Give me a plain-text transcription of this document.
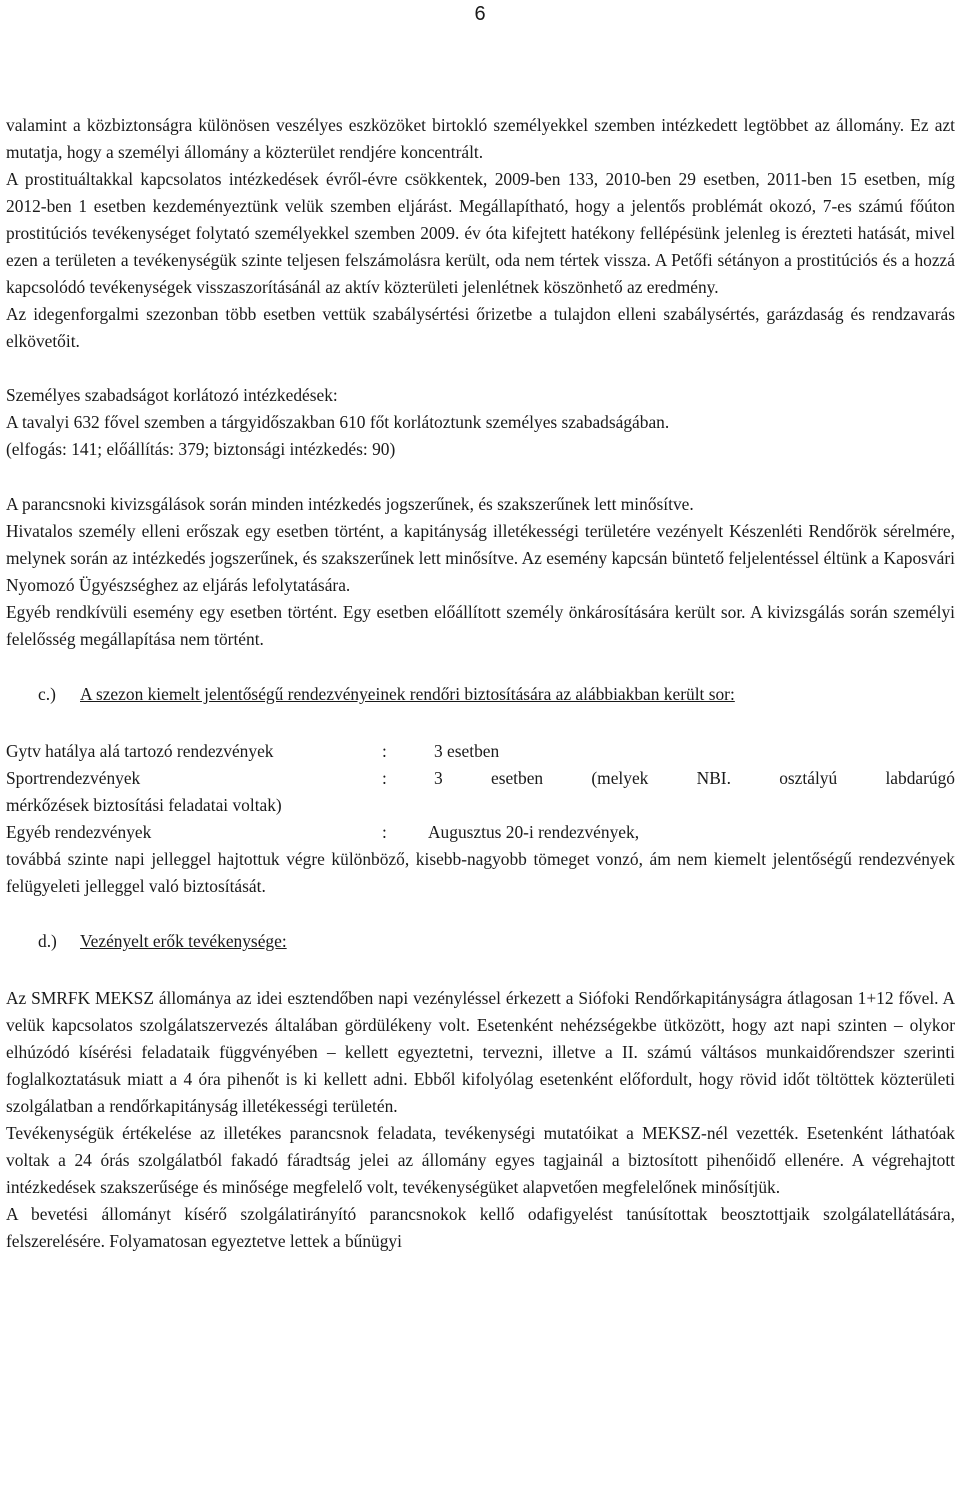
6

valamint a közbiztonságra különösen veszélyes eszközöket birtokló személyekkel szemben intézkedett legtöbbet az állomány. Ez azt mutatja, hogy a személyi állomány a közterület rendjére koncentrált.

A prostituáltakkal kapcsolatos intézkedések évről-évre csökkentek, 2009-ben 133, 2010-ben 29 esetben, 2011-ben 15 esetben, míg 2012-ben 1 esetben kezdeményeztünk velük szemben eljárást. Megállapítható, hogy a jelentős problémát okozó, 7-es számú főúton prostitúciós tevékenységet folytató személyekkel szemben 2009. év óta kifejtett hatékony fellépésünk jelenleg is érezteti hatását, mivel ezen a területen a tevékenységük szinte teljesen felszámolásra került, oda nem tértek vissza. A Petőfi sétányon a prostitúciós és a hozzá kapcsolódó tevékenységek visszaszorításánál az aktív közterületi jelenlétnek köszönhető az eredmény.

Az idegenforgalmi szezonban több esetben vettük szabálysértési őrizetbe a tulajdon elleni szabálysértés, garázdaság és rendzavarás elkövetőit.

Személyes szabadságot korlátozó intézkedések:

A tavalyi 632 fővel szemben a tárgyidőszakban 610 főt korlátoztunk személyes szabadságában.

(elfogás: 141; előállítás: 379; biztonsági intézkedés: 90)

A parancsnoki kivizsgálások során minden intézkedés jogszerűnek, és szakszerűnek lett minősítve.

Hivatalos személy elleni erőszak egy esetben történt, a kapitányság illetékességi területére vezényelt Készenléti Rendőrök sérelmére, melynek során az intézkedés jogszerűnek, és szakszerűnek lett minősítve. Az esemény kapcsán büntető feljelentéssel éltünk a Kaposvári Nyomozó Ügyészséghez az eljárás lefolytatására.

Egyéb rendkívüli esemény egy esetben történt. Egy esetben előállított személy önkárosítására került sor. A kivizsgálás során személyi felelősség megállapítása nem történt.

c.)	A szezon kiemelt jelentőségű rendezvényeinek rendőri biztosítására az alábbiakban került sor:
Gytv hatálya alá tartozó rendezvények	:	3 esetben
Sportrendezvények	:	3 esetben (melyek NBI. osztályú labdarúgó

mérkőzések biztosítási feladatai voltak)

Egyéb rendezvények	:	Augusztus 20-i rendezvények,

továbbá szinte napi jelleggel hajtottuk végre különböző, kisebb-nagyobb tömeget vonzó, ám nem kiemelt jelentőségű rendezvények felügyeleti jelleggel való biztosítását.

d.)	Vezényelt erők tevékenysége:

Az SMRFK MEKSZ állománya az idei esztendőben napi vezényléssel érkezett a Siófoki Rendőrkapitányságra átlagosan 1+12 fővel. A velük kapcsolatos szolgálatszervezés általában gördülékeny volt. Esetenként nehézségekbe ütközött, hogy azt napi szinten – olykor elhúzódó kísérési feladataik függvényében – kellett egyeztetni, tervezni, illetve a II. számú váltásos munkaidőrendszer szerinti foglalkoztatásuk miatt a 4 óra pihenőt is ki kellett adni. Ebből kifolyólag esetenként előfordult, hogy rövid időt töltöttek közterületi szolgálatban a rendőrkapitányság illetékességi területén.

Tevékenységük értékelése az illetékes parancsnok feladata, tevékenységi mutatóikat a MEKSZ-nél vezették. Esetenként láthatóak voltak a 24 órás szolgálatból fakadó fáradtság jelei az állomány egyes tagjainál a biztosított pihenőidő ellenére. A végrehajtott intézkedések szakszerűsége és minősége megfelelő volt, tevékenységüket alapvetően megfelelőnek minősítjük.

A bevetési állományt kísérő szolgálatirányító parancsnokok kellő odafigyelést tanúsítottak beosztottjaik szolgálatellátására, felszerelésére. Folyamatosan egyeztetve lettek a bűnügyi
